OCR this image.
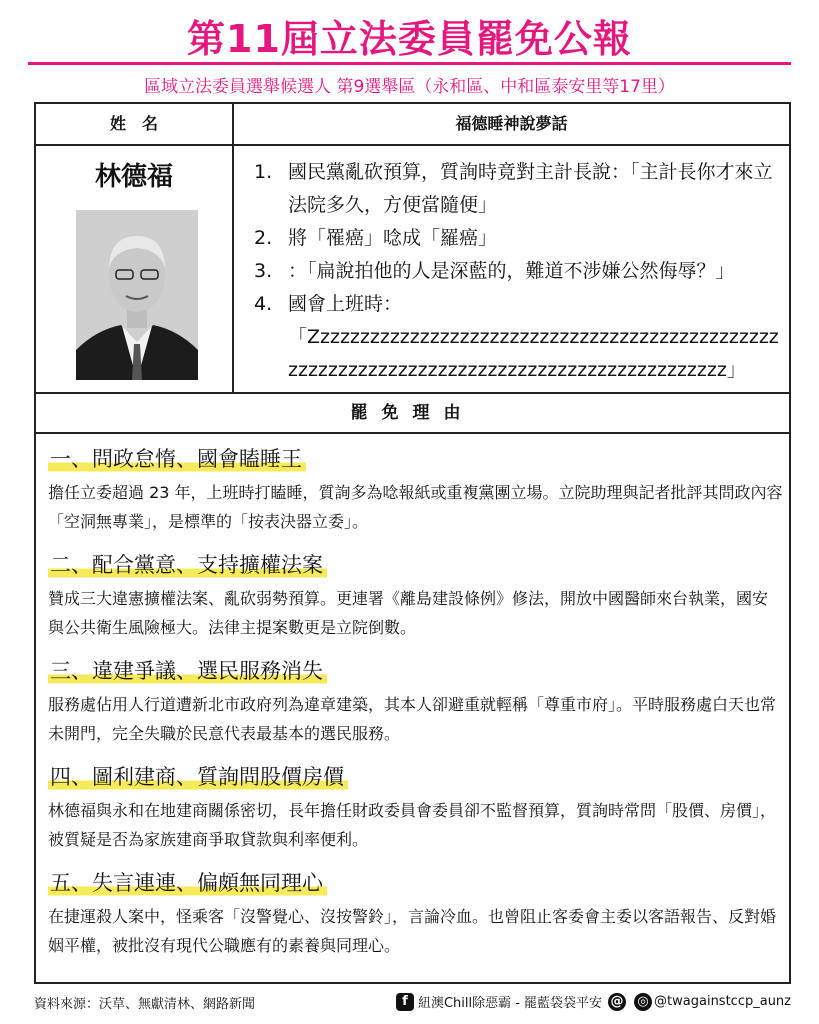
第11屆立法委員罷免公報
區域立法委員選舉候選人 第9選舉區（永和區、中和區泰安里等17里）
姓　名	福德睡神說夢話
林德福	1. 國民黨亂砍預算，質詢時竟對主計長說：「主計長你才來立法院多久，方便當隨便」
2. 將「罹癌」唸成「羅癌」
3. ：「扁說拍他的人是深藍的，難道不涉嫌公然侮辱？」
4. 國會上班時：
「Zzzzzzzzzzzzzzzzzzzzzzzzzzzzzzzzzzzzzzzzzzzzzzzzzzzzzzzzzzzzzzzzzzzzzzzzzzzzzzzzzzzzzzzzzzz」
罷免理由
一、問政怠惰、國會瞌睡王

擔任立委超過 23 年，上班時打瞌睡，質詢多為唸報紙或重複黨團立場。立院助理與記者批評其問政內容「空洞無專業」，是標準的「按表決器立委」。

二、配合黨意、支持擴權法案

贊成三大違憲擴權法案、亂砍弱勢預算。更連署《離島建設條例》修法，開放中國醫師來台執業，國安與公共衛生風險極大。法律主提案數更是立院倒數。

三、違建爭議、選民服務消失

服務處佔用人行道遭新北市政府列為違章建築，其本人卻避重就輕稱「尊重市府」。平時服務處白天也常未開門，完全失職於民意代表最基本的選民服務。

四、圖利建商、質詢問股價房價

林德福與永和在地建商關係密切，長年擔任財政委員會委員卻不監督預算，質詢時常問「股價、房價」，被質疑是否為家族建商爭取貸款與利率便利。

五、失言連連、偏頗無同理心

在捷運殺人案中，怪乘客「沒警覺心、沒按警鈴」，言論冷血。也曾阻止客委會主委以客語報告、反對婚姻平權，被批沒有現代公職應有的素養與同理心。

資料來源：沃草、無獻清林、網路新聞	f 紐澳Chill除惡霸 - 罷藍袋袋平安 @ ◎ @twagainstccp_aunz
